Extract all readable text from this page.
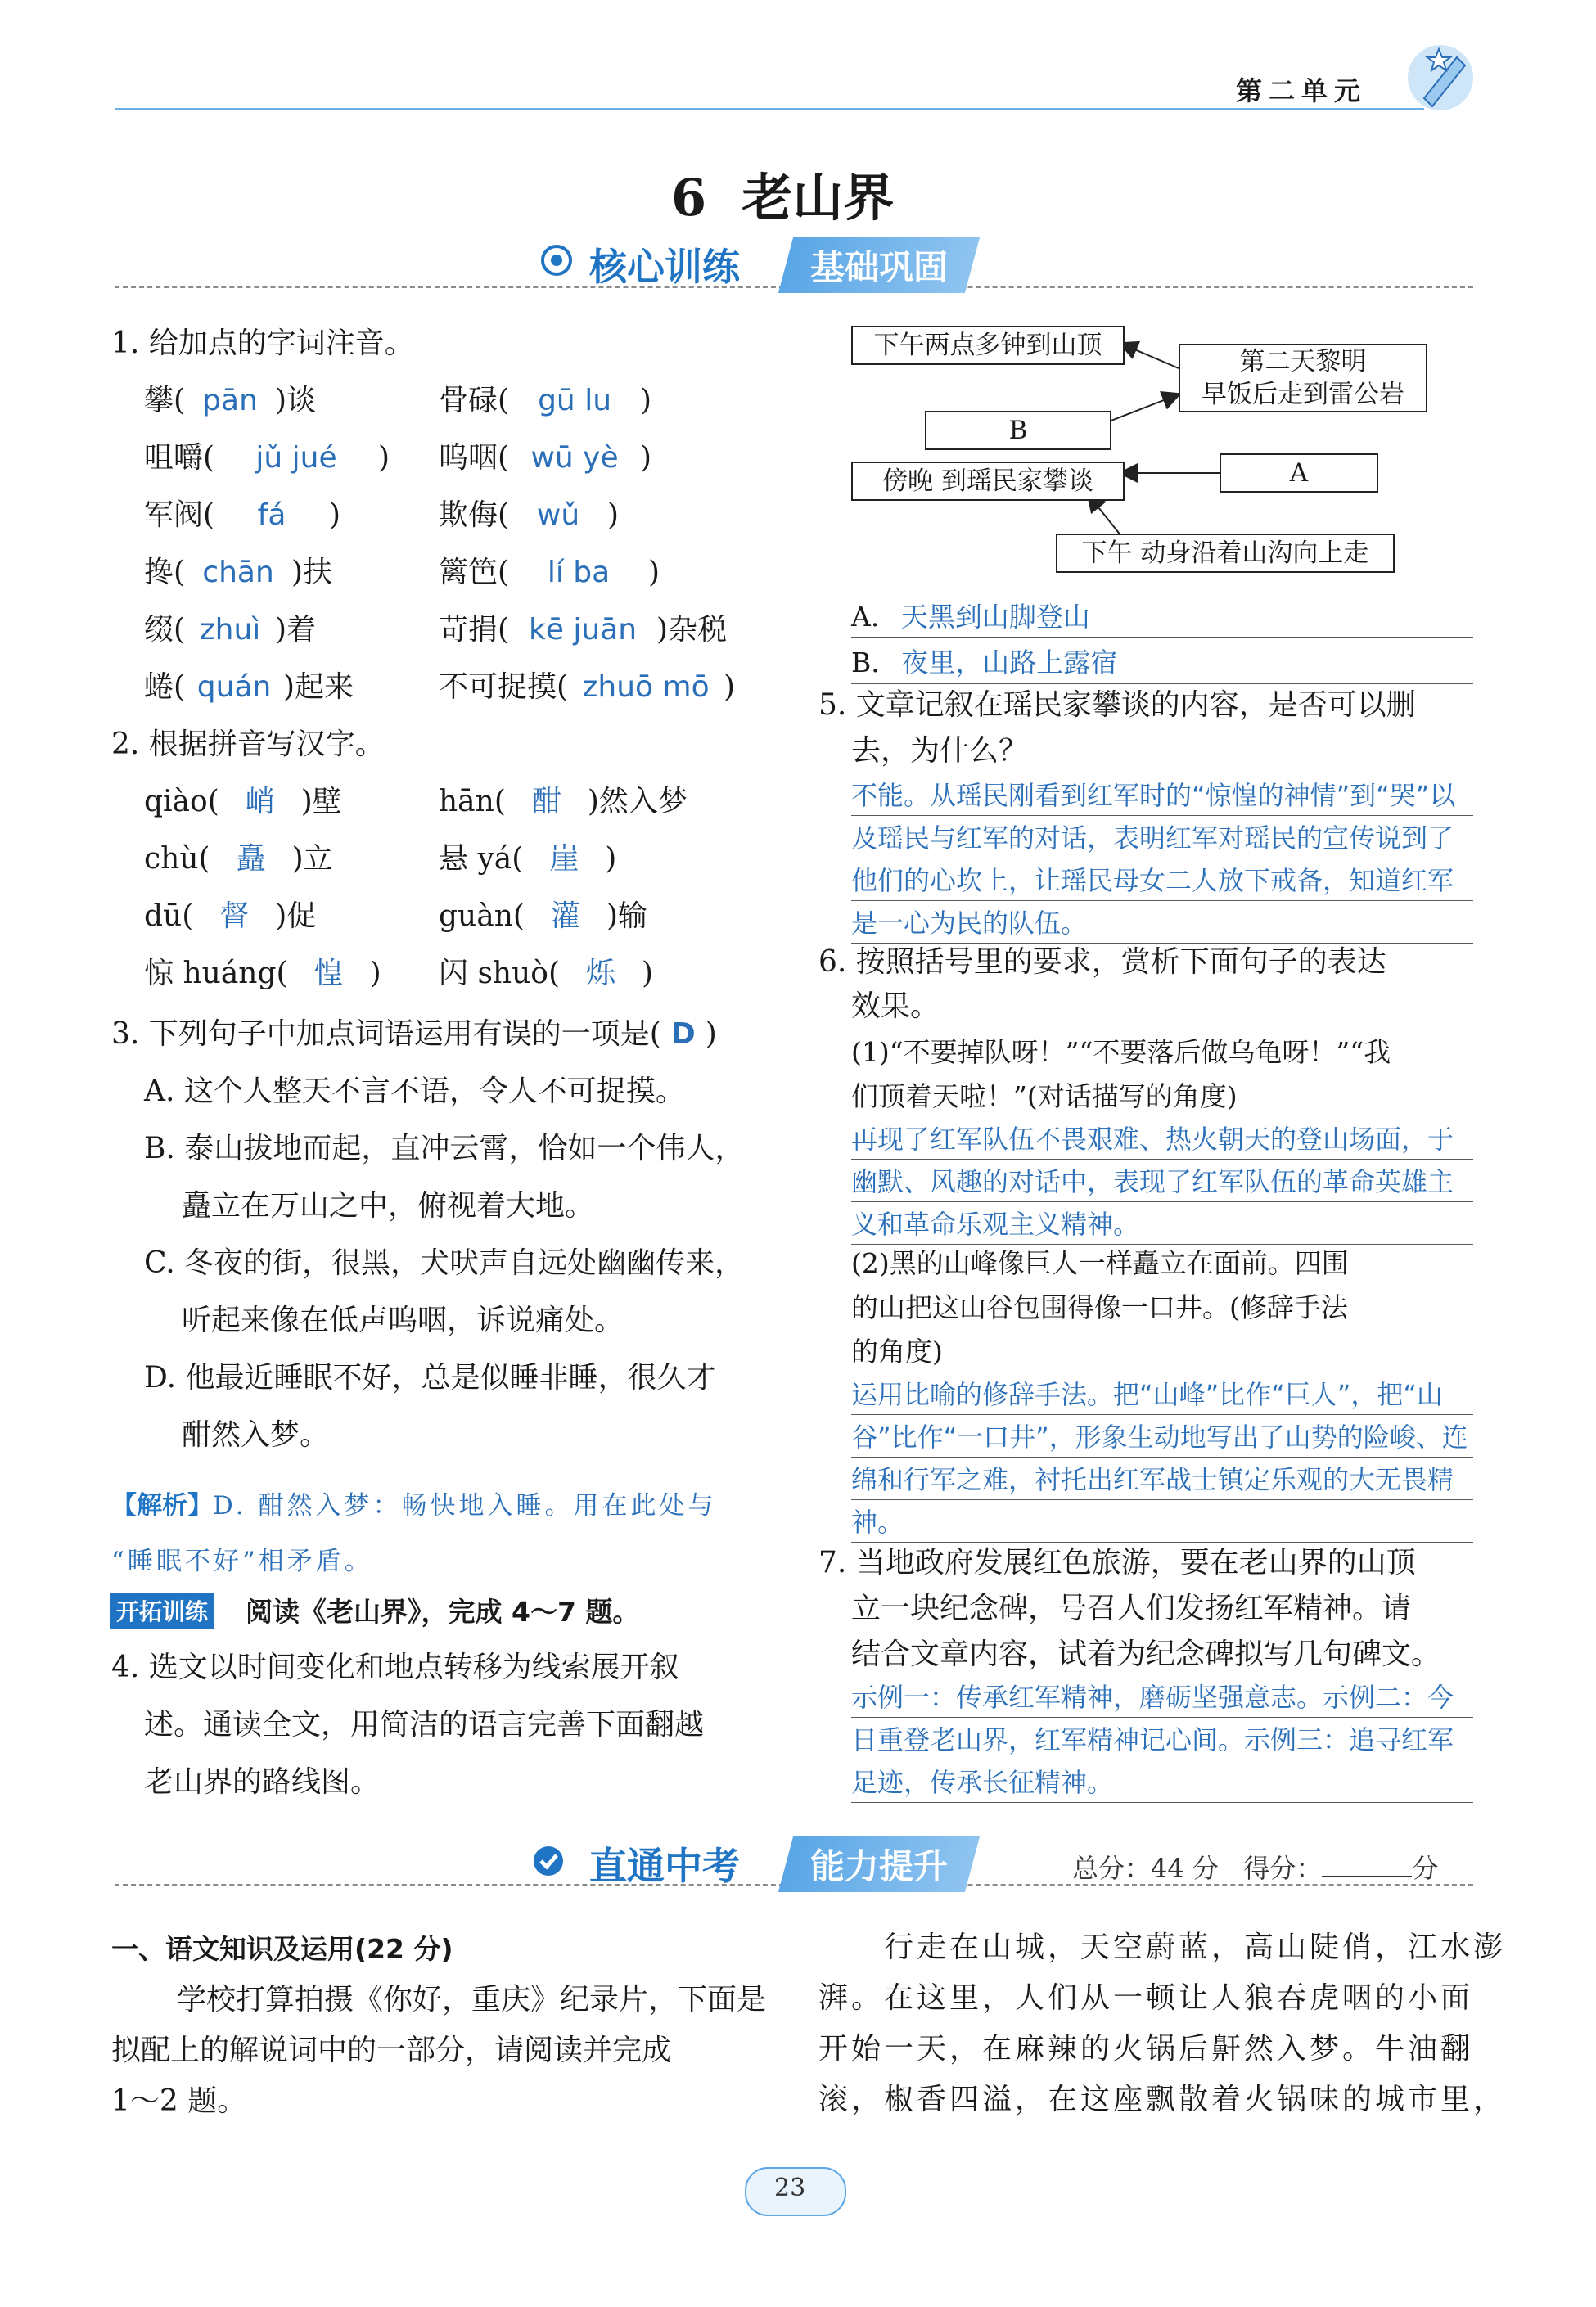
第二单元
6  老山界
核心训练	基础巩固
1. 给加点的字词注音。
攀( pān )谈	骨碌( gū lu )
咀嚼( jǔ jué ) 呜咽( wū yè )
军阀( fá )	欺侮( wǔ )
搀( chān )扶	篱笆( lí ba )
缀( zhuì )着	苛捐( kē juān )杂税
蜷( quán )起来	不可捉摸( zhuō mō )
2. 根据拼音写汉字。
qiào( 峭 )壁	hān( 酣 )然入梦
chù( 矗 )立	悬 yá( 崖 )
dū( 督 )促	guàn( 灌 )输
惊 huáng( 惶 ) 闪 shuò( 烁 )
3. 下列句子中加点词语运用有误的一项是( D )
A. 这个人整天不言不语，令人不可捉摸。
B. 泰山拔地而起，直冲云霄，恰如一个伟人，
矗立在万山之中，俯视着大地。
C. 冬夜的街，很黑，犬吠声自远处幽幽传来，
听起来像在低声呜咽，诉说痛处。
D. 他最近睡眠不好，总是似睡非睡，很久才
酣然入梦。
【解析】D. 酣然入梦：畅快地入睡。用在此处与
“睡眠不好”相矛盾。
开拓训练 阅读《老山界》，完成 4～7 题。
4. 选文以时间变化和地点转移为线索展开叙
述。通读全文，用简洁的语言完善下面翻越
老山界的路线图。
下午两点多钟到山顶
第二天黎明
早饭后走到雷公岩
B
A
傍晚 到瑶民家攀谈
下午 动身沿着山沟向上走
A. 天黑到山脚登山
B. 夜里，山路上露宿
5. 文章记叙在瑶民家攀谈的内容，是否可以删
去，为什么？
不能。从瑶民刚看到红军时的“惊惶的神情”到“哭”以及瑶民与红军的对话，表明红军对瑶民的宣传说到了他们的心坎上，让瑶民母女二人放下戒备，知道红军是一心为民的队伍。
6. 按照括号里的要求，赏析下面句子的表达
效果。
(1)“不要掉队呀！”“不要落后做乌龟呀！”“我
们顶着天啦！”(对话描写的角度)
再现了红军队伍不畏艰难、热火朝天的登山场面，于幽默、风趣的对话中，表现了红军队伍的革命英雄主义和革命乐观主义精神。
(2)黑的山峰像巨人一样矗立在面前。四围
的山把这山谷包围得像一口井。(修辞手法
的角度)
运用比喻的修辞手法。把“山峰”比作“巨人”，把“山谷”比作“一口井”，形象生动地写出了山势的险峻、连绵和行军之难，衬托出红军战士镇定乐观的大无畏精神。
7. 当地政府发展红色旅游，要在老山界的山顶
立一块纪念碑，号召人们发扬红军精神。请
结合文章内容，试着为纪念碑拟写几句碑文。
示例一：传承红军精神，磨砺坚强意志。示例二：今日重登老山界，红军精神记心间。示例三：追寻红军足迹，传承长征精神。
直通中考	能力提升	总分：44 分   得分：	分
一、语文知识及运用(22 分)
学校打算拍摄《你好，重庆》纪录片，下面是
拟配上的解说词中的一部分，请阅读并完成
1～2 题。
行走在山城，天空蔚蓝，高山陡俏，江水澎
湃。在这里，人们从一顿让人狼吞虎咽的小面
开始一天，在麻辣的火锅后鼾然入梦。牛油翻
滚，椒香四溢，在这座飘散着火锅味的城市里，
23
